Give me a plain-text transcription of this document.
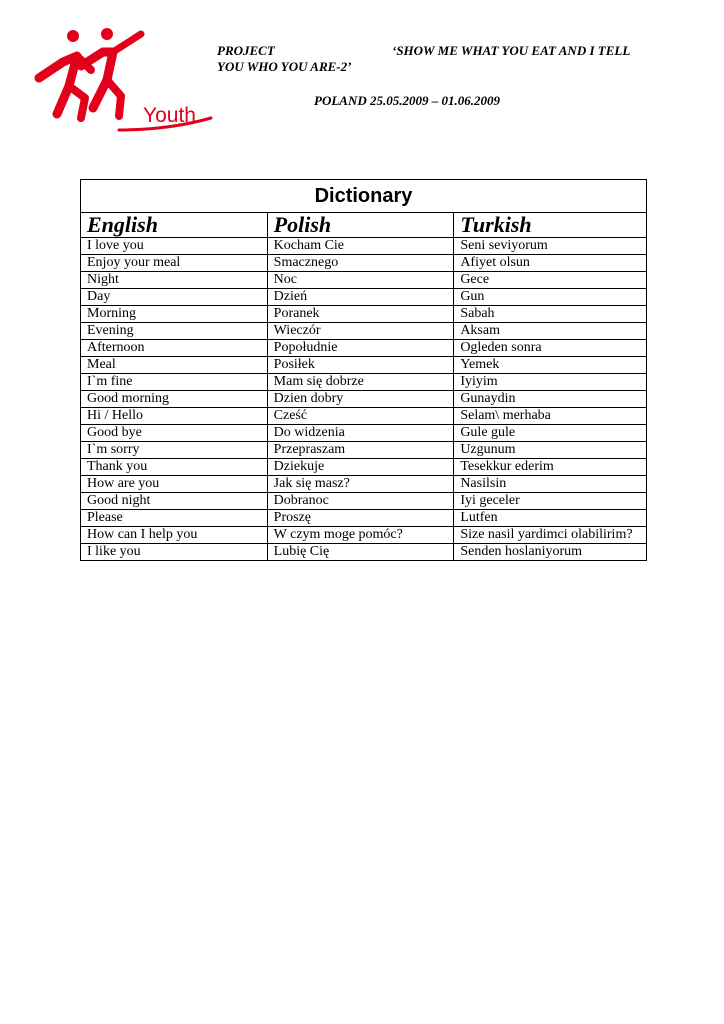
Youth
PROJECT
YOU WHO YOU ARE-2’
‘SHOW ME WHAT YOU EAT AND I TELL
POLAND 25.05.2009 – 01.06.2009
Dictionary		
English	Polish	Turkish
I love you	Kocham Cie	Seni seviyorum
Enjoy your meal	Smacznego	Afiyet olsun
Night	Noc	Gece
Day	Dzień	Gun
Morning	Poranek	Sabah
Evening	Wieczór	Aksam
Afternoon	Popołudnie	Ogleden sonra
Meal	Posiłek	Yemek
I`m fine	Mam się dobrze	Iyiyim
Good morning	Dzien dobry	Gunaydin
Hi / Hello	Cześć	Selam\ merhaba
Good bye	Do widzenia	Gule gule
I`m sorry	Przepraszam	Uzgunum
Thank you	Dziekuje	Tesekkur ederim
How are you	Jak się masz?	Nasilsin
Good night	Dobranoc	Iyi geceler
Please	Proszę	Lutfen
How can I help you	W czym moge pomóc?	Size nasil yardimci olabilirim?
I like you	Lubię Cię	Senden hoslaniyorum
